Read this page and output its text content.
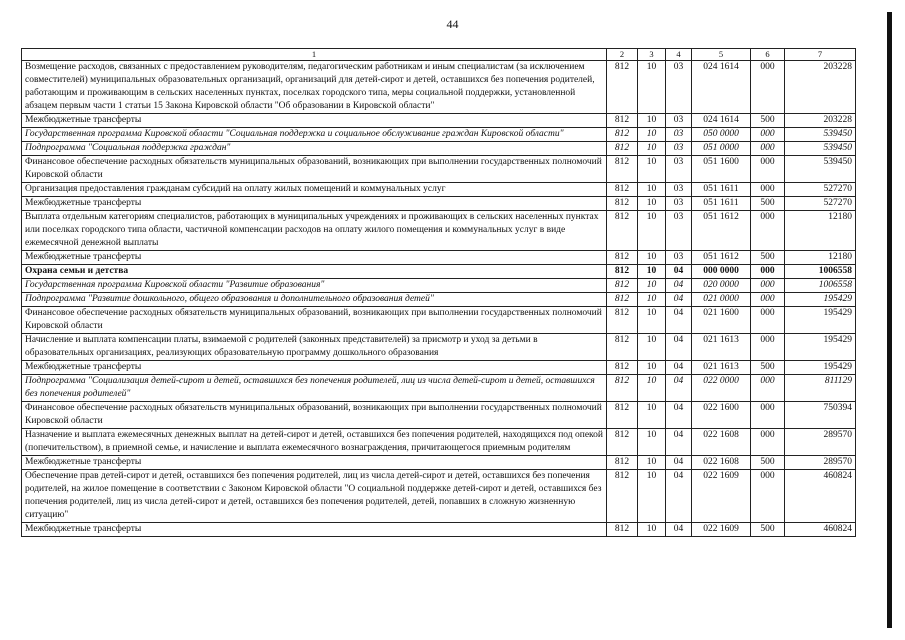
44
1	2	3	4	5	6	7
Возмещение расходов, связанных с предоставлением руководителям, педагогическим работникам и иным специалистам (за исключением совместителей) муниципальных образовательных организаций, организаций для детей-сирот и детей, оставшихся без попечения родителей, работающим и проживающим в сельских населенных пунктах, поселках городского типа, меры социальной поддержки, установленной абзацем первым части 1 статьи 15 Закона Кировской области "Об образовании в Кировской области"	812	10	03	024 1614	000	203228
Межбюджетные трансферты	812	10	03	024 1614	500	203228
Государственная программа Кировской области "Социальная поддержка и социальное обслуживание граждан Кировской области"	812	10	03	050 0000	000	539450
Подпрограмма "Социальная поддержка граждан"	812	10	03	051 0000	000	539450
Финансовое обеспечение расходных обязательств муниципальных образований, возникающих при выполнении государственных полномочий Кировской области	812	10	03	051 1600	000	539450
Организация предоставления гражданам субсидий на оплату жилых помещений и коммунальных услуг	812	10	03	051 1611	000	527270
Межбюджетные трансферты	812	10	03	051 1611	500	527270
Выплата отдельным категориям специалистов, работающих в муниципальных учреждениях и проживающих в сельских населенных пунктах или поселках городского типа области, частичной компенсации расходов на оплату жилого помещения и коммунальных услуг в виде ежемесячной денежной выплаты	812	10	03	051 1612	000	12180
Межбюджетные трансферты	812	10	03	051 1612	500	12180
Охрана семьи и детства	812	10	04	000 0000	000	1006558
Государственная программа Кировской области "Развитие образования"	812	10	04	020 0000	000	1006558
Подпрограмма "Развитие дошкольного, общего образования и дополнительного образования детей"	812	10	04	021 0000	000	195429
Финансовое обеспечение расходных обязательств муниципальных образований, возникающих при выполнении государственных полномочий Кировской области	812	10	04	021 1600	000	195429
Начисление и выплата компенсации платы, взимаемой с родителей (законных представителей) за присмотр и уход за детьми в образовательных организациях, реализующих образовательную программу дошкольного образования	812	10	04	021 1613	000	195429
Межбюджетные трансферты	812	10	04	021 1613	500	195429
Подпрограмма "Социализация детей-сирот и детей, оставшихся без попечения родителей, лиц из числа детей-сирот и детей, оставшихся без попечения родителей"	812	10	04	022 0000	000	811129
Финансовое обеспечение расходных обязательств муниципальных образований, возникающих при выполнении государственных полномочий Кировской области	812	10	04	022 1600	000	750394
Назначение и выплата ежемесячных денежных выплат на детей-сирот и детей, оставшихся без попечения родителей, находящихся под опекой (попечительством), в приемной семье, и начисление и выплата ежемесячного вознаграждения, причитающегося приемным родителям	812	10	04	022 1608	000	289570
Межбюджетные трансферты	812	10	04	022 1608	500	289570
Обеспечение прав детей-сирот и детей, оставшихся без попечения родителей, лиц из числа детей-сирот и детей, оставшихся без попечения родителей, на жилое помещение в соответствии с Законом Кировской области "О социальной поддержке детей-сирот и детей, оставшихся без попечения родителей, лиц из числа детей-сирот и детей, оставшихся без попечения родителей, детей, попавших в сложную жизненную ситуацию"	812	10	04	022 1609	000	460824
Межбюджетные трансферты	812	10	04	022 1609	500	460824
